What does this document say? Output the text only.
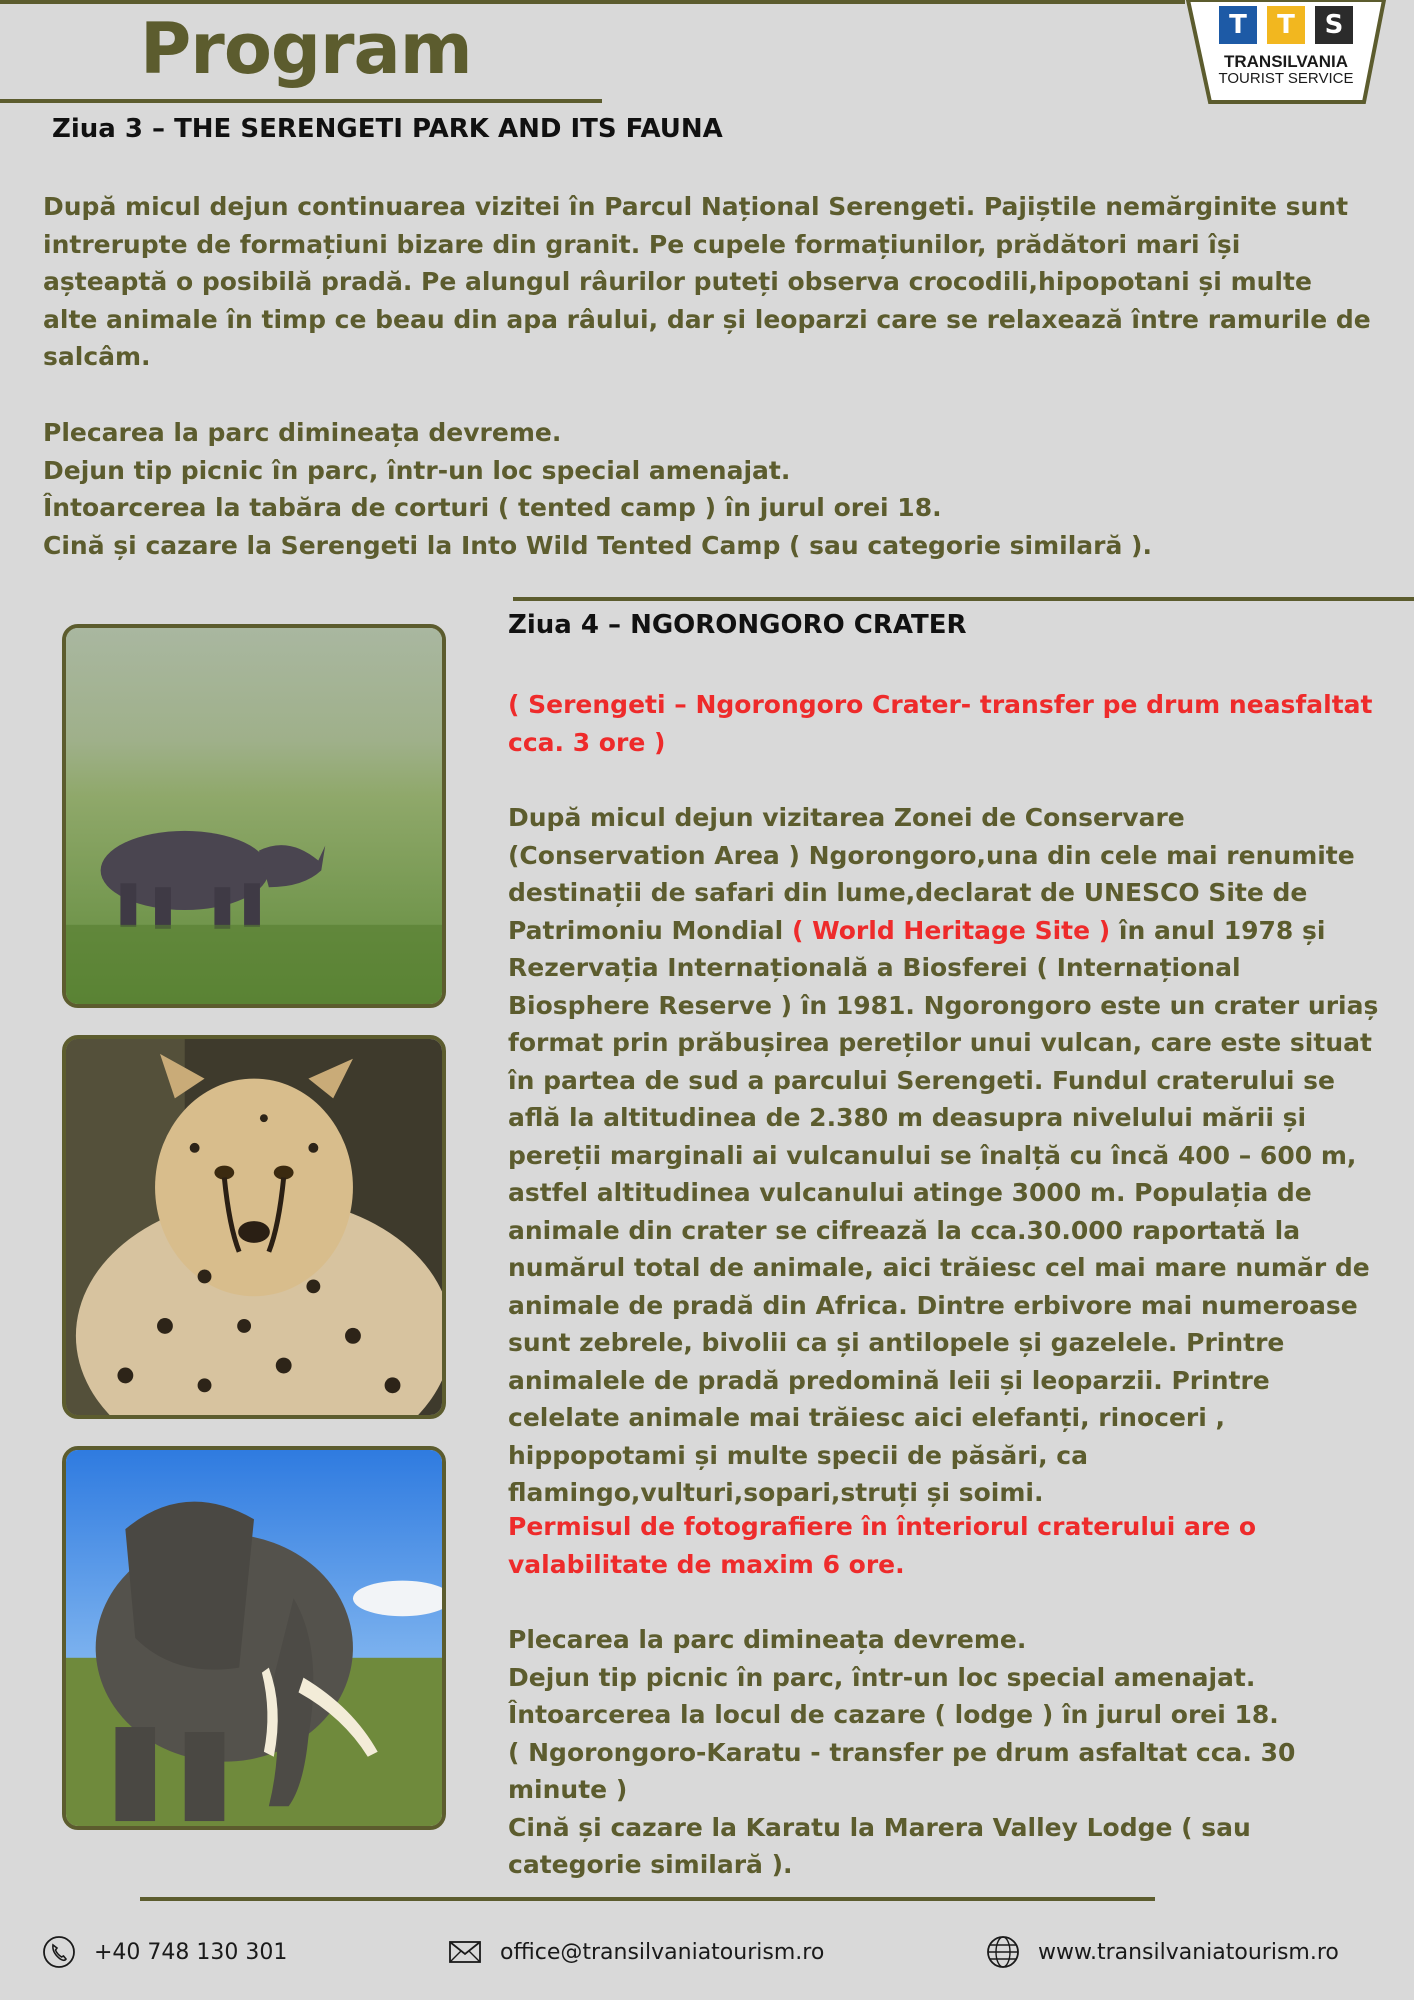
Program	T	T	S
TRANSILVANIA
TOURIST SERVICE
Ziua 3 – THE SERENGETI PARK AND ITS FAUNA

După micul dejun continuarea vizitei în Parcul Național Serengeti. Pajiștile nemărginite sunt intrerupte de formațiuni bizare din granit. Pe cupele formațiunilor, prădători mari își așteaptă o posibilă pradă. Pe alungul râurilor puteți observa crocodili,hipopotani și multe alte animale în timp ce beau din apa râului, dar și leoparzi care se relaxează între ramurile de salcâm.

Plecarea la parc dimineața devreme.
Dejun tip picnic în parc, într-un loc special amenajat.
Întoarcerea la tabăra de corturi ( tented camp ) în jurul orei 18.
Cină și cazare la Serengeti la Into Wild Tented Camp ( sau categorie similară ).
Ziua 4 – NGORONGORO CRATER

( Serengeti – Ngorongoro Crater- transfer pe drum neasfaltat cca. 3 ore )

După micul dejun vizitarea Zonei de Conservare (Conservation Area ) Ngorongoro,una din cele mai renumite destinații de safari din lume,declarat de UNESCO Site de Patrimoniu Mondial ( World Heritage Site ) în anul 1978 și Rezervația Internațională a Biosferei ( Internațional Biosphere Reserve ) în 1981. Ngorongoro este un crater uriaș format prin prăbușirea pereților unui vulcan, care este situat în partea de sud a parcului Serengeti. Fundul craterului se află la altitudinea de 2.380 m deasupra nivelului mării și pereții marginali ai vulcanului se înalță cu încă 400 – 600 m, astfel altitudinea vulcanului atinge 3000 m. Populația de animale din crater se cifrează la cca.30.000 raportată la numărul total de animale, aici trăiesc cel mai mare număr de animale de pradă din Africa. Dintre erbivore mai numeroase sunt zebrele, bivolii ca și antilopele și gazelele. Printre animalele de pradă predomină leii și leoparzii. Printre celelate animale mai trăiesc aici elefanți, rinoceri , hippopotami și multe specii de păsări, ca flamingo,vulturi,sopari,struți și soimi.

Permisul de fotografiere în înteriorul craterului are o valabilitate de maxim 6 ore.

Plecarea la parc dimineața devreme.
Dejun tip picnic în parc, într-un loc special amenajat.
Întoarcerea la locul de cazare ( lodge ) în jurul orei 18.
( Ngorongoro-Karatu - transfer pe drum asfaltat cca. 30 minute )
Cină și cazare la Karatu la Marera Valley Lodge ( sau categorie similară ).
+40 748 130 301	office@transilvaniatourism.ro	www.transilvaniatourism.ro
